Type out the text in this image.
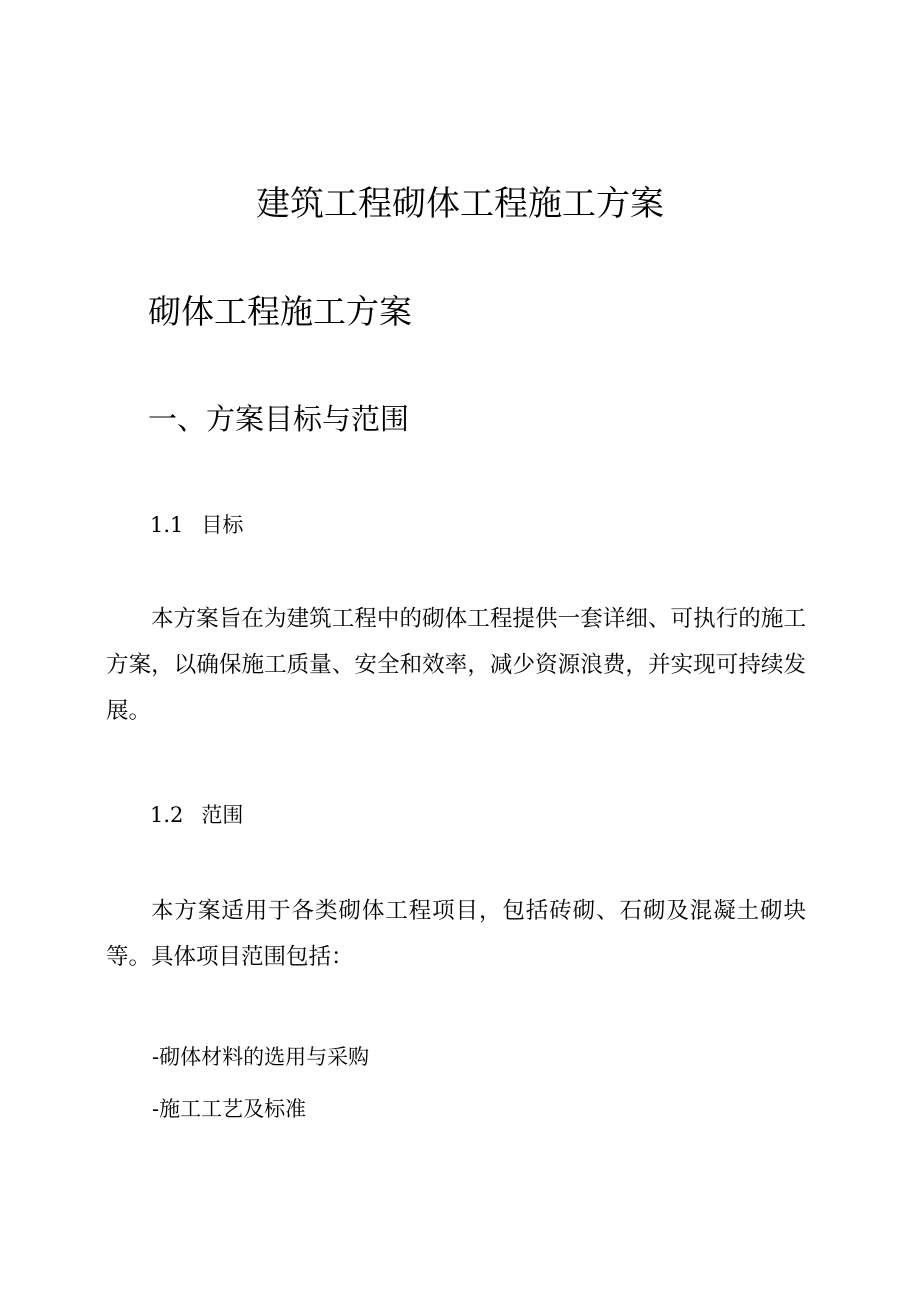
建筑工程砌体工程施工方案
砌体工程施工方案
一、方案目标与范围
1.1 目标

本方案旨在为建筑工程中的砌体工程提供一套详细、可执行的施工方案，以确保施工质量、安全和效率，减少资源浪费，并实现可持续发展。

1.2 范围

本方案适用于各类砌体工程项目，包括砖砌、石砌及混凝土砌块等。具体项目范围包括：

-砌体材料的选用与采购
-施工工艺及标准
